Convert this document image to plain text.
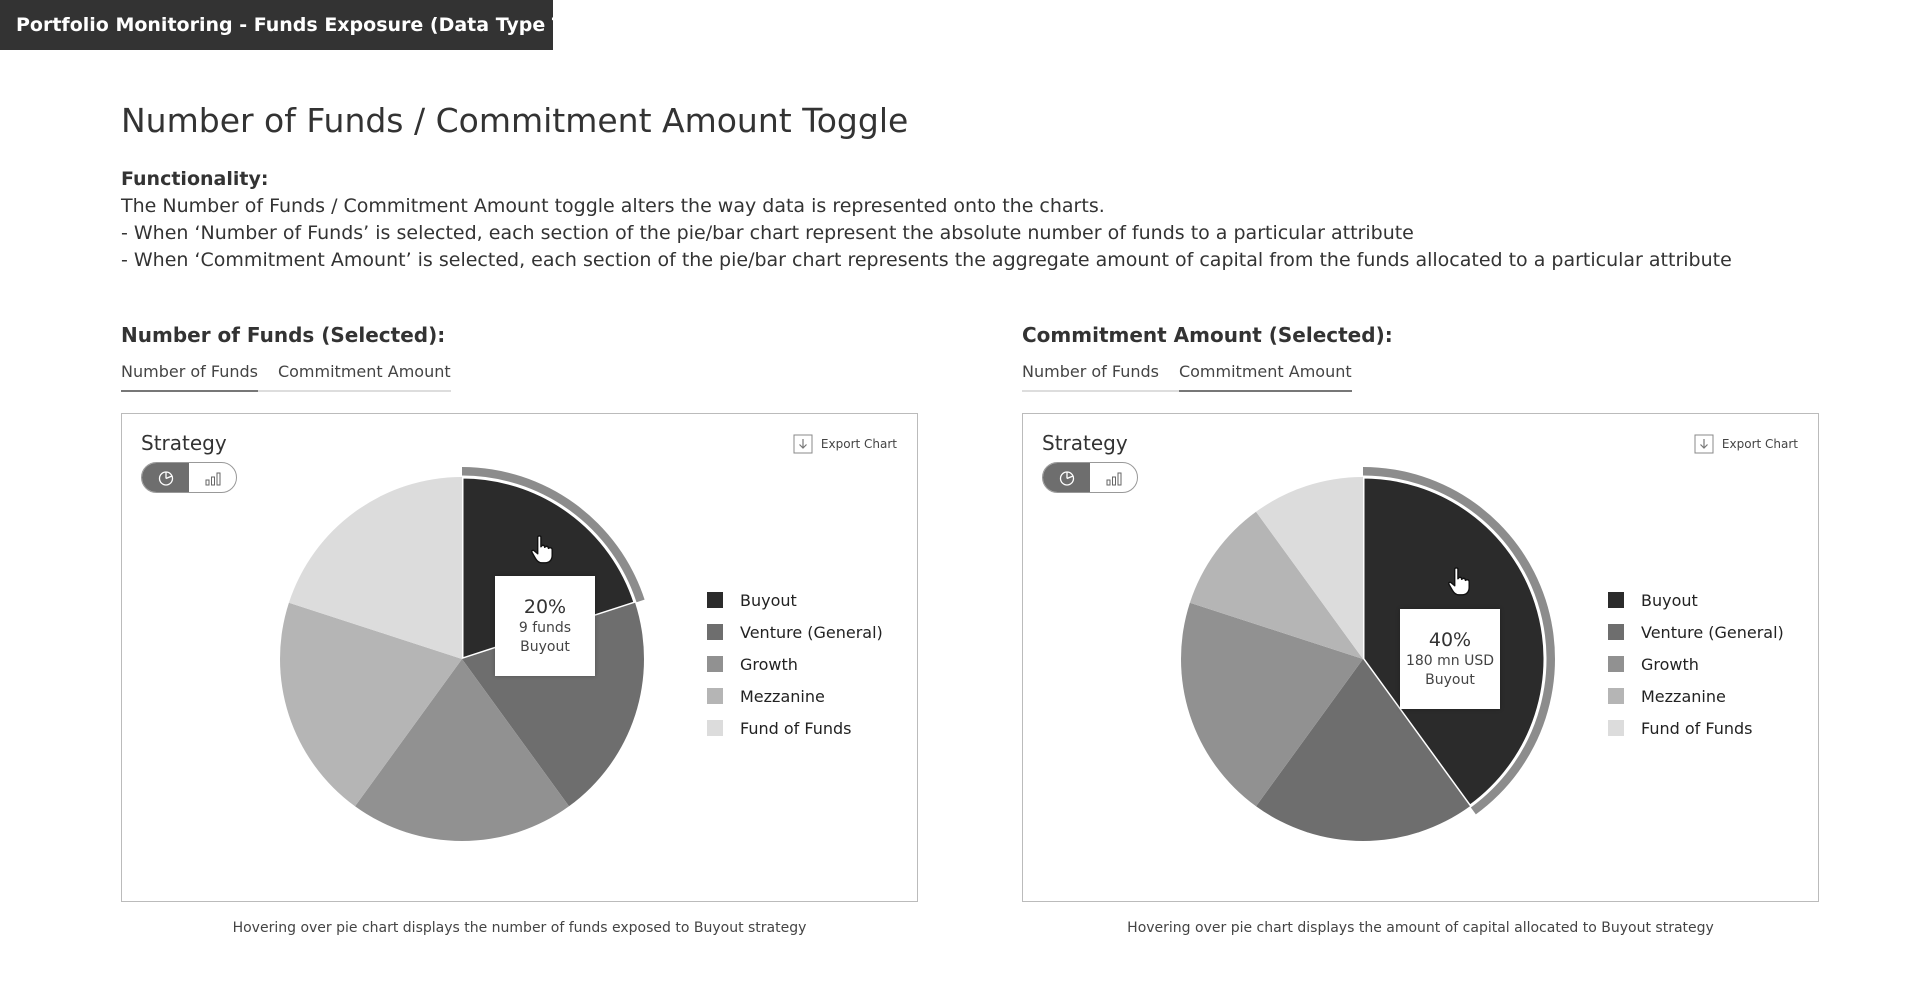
Portfolio Monitoring - Funds Exposure (Data Type Toggle)
Number of Funds / Commitment Amount Toggle
Functionality:

The Number of Funds / Commitment Amount toggle alters the way data is represented onto the charts.

- When ‘Number of Funds’ is selected, each section of the pie/bar chart represent the absolute number of funds to a particular attribute

- When ‘Commitment Amount’ is selected, each section of the pie/bar chart represents the aggregate amount of capital from the funds allocated to a particular attribute

Number of Funds (Selected):
Number of Funds Commitment Amount
Strategy	Export Chart
20%
9 funds
Buyout
Buyout
Venture (General)
Growth
Mezzanine
Fund of Funds
Hovering over pie chart displays the number of funds exposed to Buyout strategy
Commitment Amount (Selected):
Number of Funds Commitment Amount
Strategy	Export Chart
40%
180 mn USD
Buyout
Buyout
Venture (General)
Growth
Mezzanine
Fund of Funds
Hovering over pie chart displays the amount of capital allocated to Buyout strategy
